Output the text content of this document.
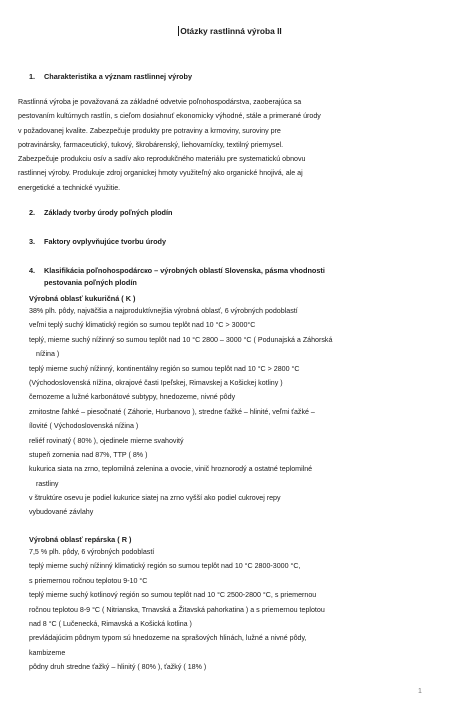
Otázky rastlinná výroba II
1. Charakteristika a význam rastlinnej výroby
Rastlinná výroba je považovaná za základné odvetvie poľnohospodárstva, zaoberajúca sa
pestovaním kultúrnych rastlín, s cieľom dosiahnuť ekonomicky výhodné, stále a primerané úrody
v požadovanej kvalite. Zabezpečuje produkty pre potraviny a krmoviny, suroviny pre
potravinársky, farmaceutický, tukový, škrobárenský, liehovarnícky, textilný priemysel.
Zabezpečuje produkciu osív a sadív ako reprodukčného materiálu pre systematickú obnovu
rastlinnej výroby. Produkuje zdroj organickej hmoty využiteľný ako organické hnojivá, ale aj
energetické a technické využitie.
2. Základy tvorby úrody poľných plodín
3. Faktory ovplyvňujúce tvorbu úrody
4. Klasifikácia poľnohospodárско – výrobných oblastí Slovenska, pásma vhodnosti
pestovania poľných plodín
Výrobná oblasť kukuričná ( K )
38% plh. pôdy, najväčšia a najproduktívnejšia výrobná oblasť, 6 výrobných podoblastí
veľmi teplý suchý klimatický región so sumou teplôt nad 10 °C > 3000°C
teplý, mierne suchý nížinný so sumou teplôt nad 10 °C 2800 – 3000 °C ( Podunajská a Záhorská
nížina )
teplý mierne suchý nížinný, kontinentálny región so sumou teplôt nad 10 °C > 2800 °C
(Východoslovenská nížina, okrajové časti Ipeľskej, Rimavskej a Košickej kotliny )
černozeme a lužné karbonátové subtypy, hnedozeme, nivné pôdy
zrnitostne ľahké – piesočnaté ( Záhorie, Hurbanovo ), stredne ťažké – hlinité, veľmi ťažké –
ílovité ( Východoslovenská nížina )
reliéf rovinatý ( 80% ), ojedinele mierne svahovitý
stupeň zornenia nad 87%, TTP ( 8% )
kukurica siata na zrno, teplomilná zelenina a ovocie, vinič hroznorodý a ostatné teplomilné
rastliny
v štruktúre osevu je podiel kukurice siatej na zrno vyšší ako podiel cukrovej repy
vybudované závlahy
Výrobná oblasť repárska ( R )
7,5 % plh. pôdy, 6 výrobných podoblastí
teplý mierne suchý nížinný klimatický región so sumou teplôt nad 10 °C 2800-3000 °C,
s priemernou ročnou teplotou 9-10 °C
teplý mierne suchý kotlinový región so sumou teplôt nad 10 °C 2500-2800 °C, s priemernou
ročnou teplotou 8-9 °C ( Nitrianska, Trnavská a Žitavská pahorkatina ) a s priemernou teplotou
nad 8 °C ( Lučenecká, Rimavská a Košická kotlina )
prevládajúcim pôdnym typom sú hnedozeme na sprašových hlinách, lužné a nivné pôdy,
kambizeme
pôdny druh stredne ťažký – hlinitý ( 80% ), ťažký ( 18% )
1
